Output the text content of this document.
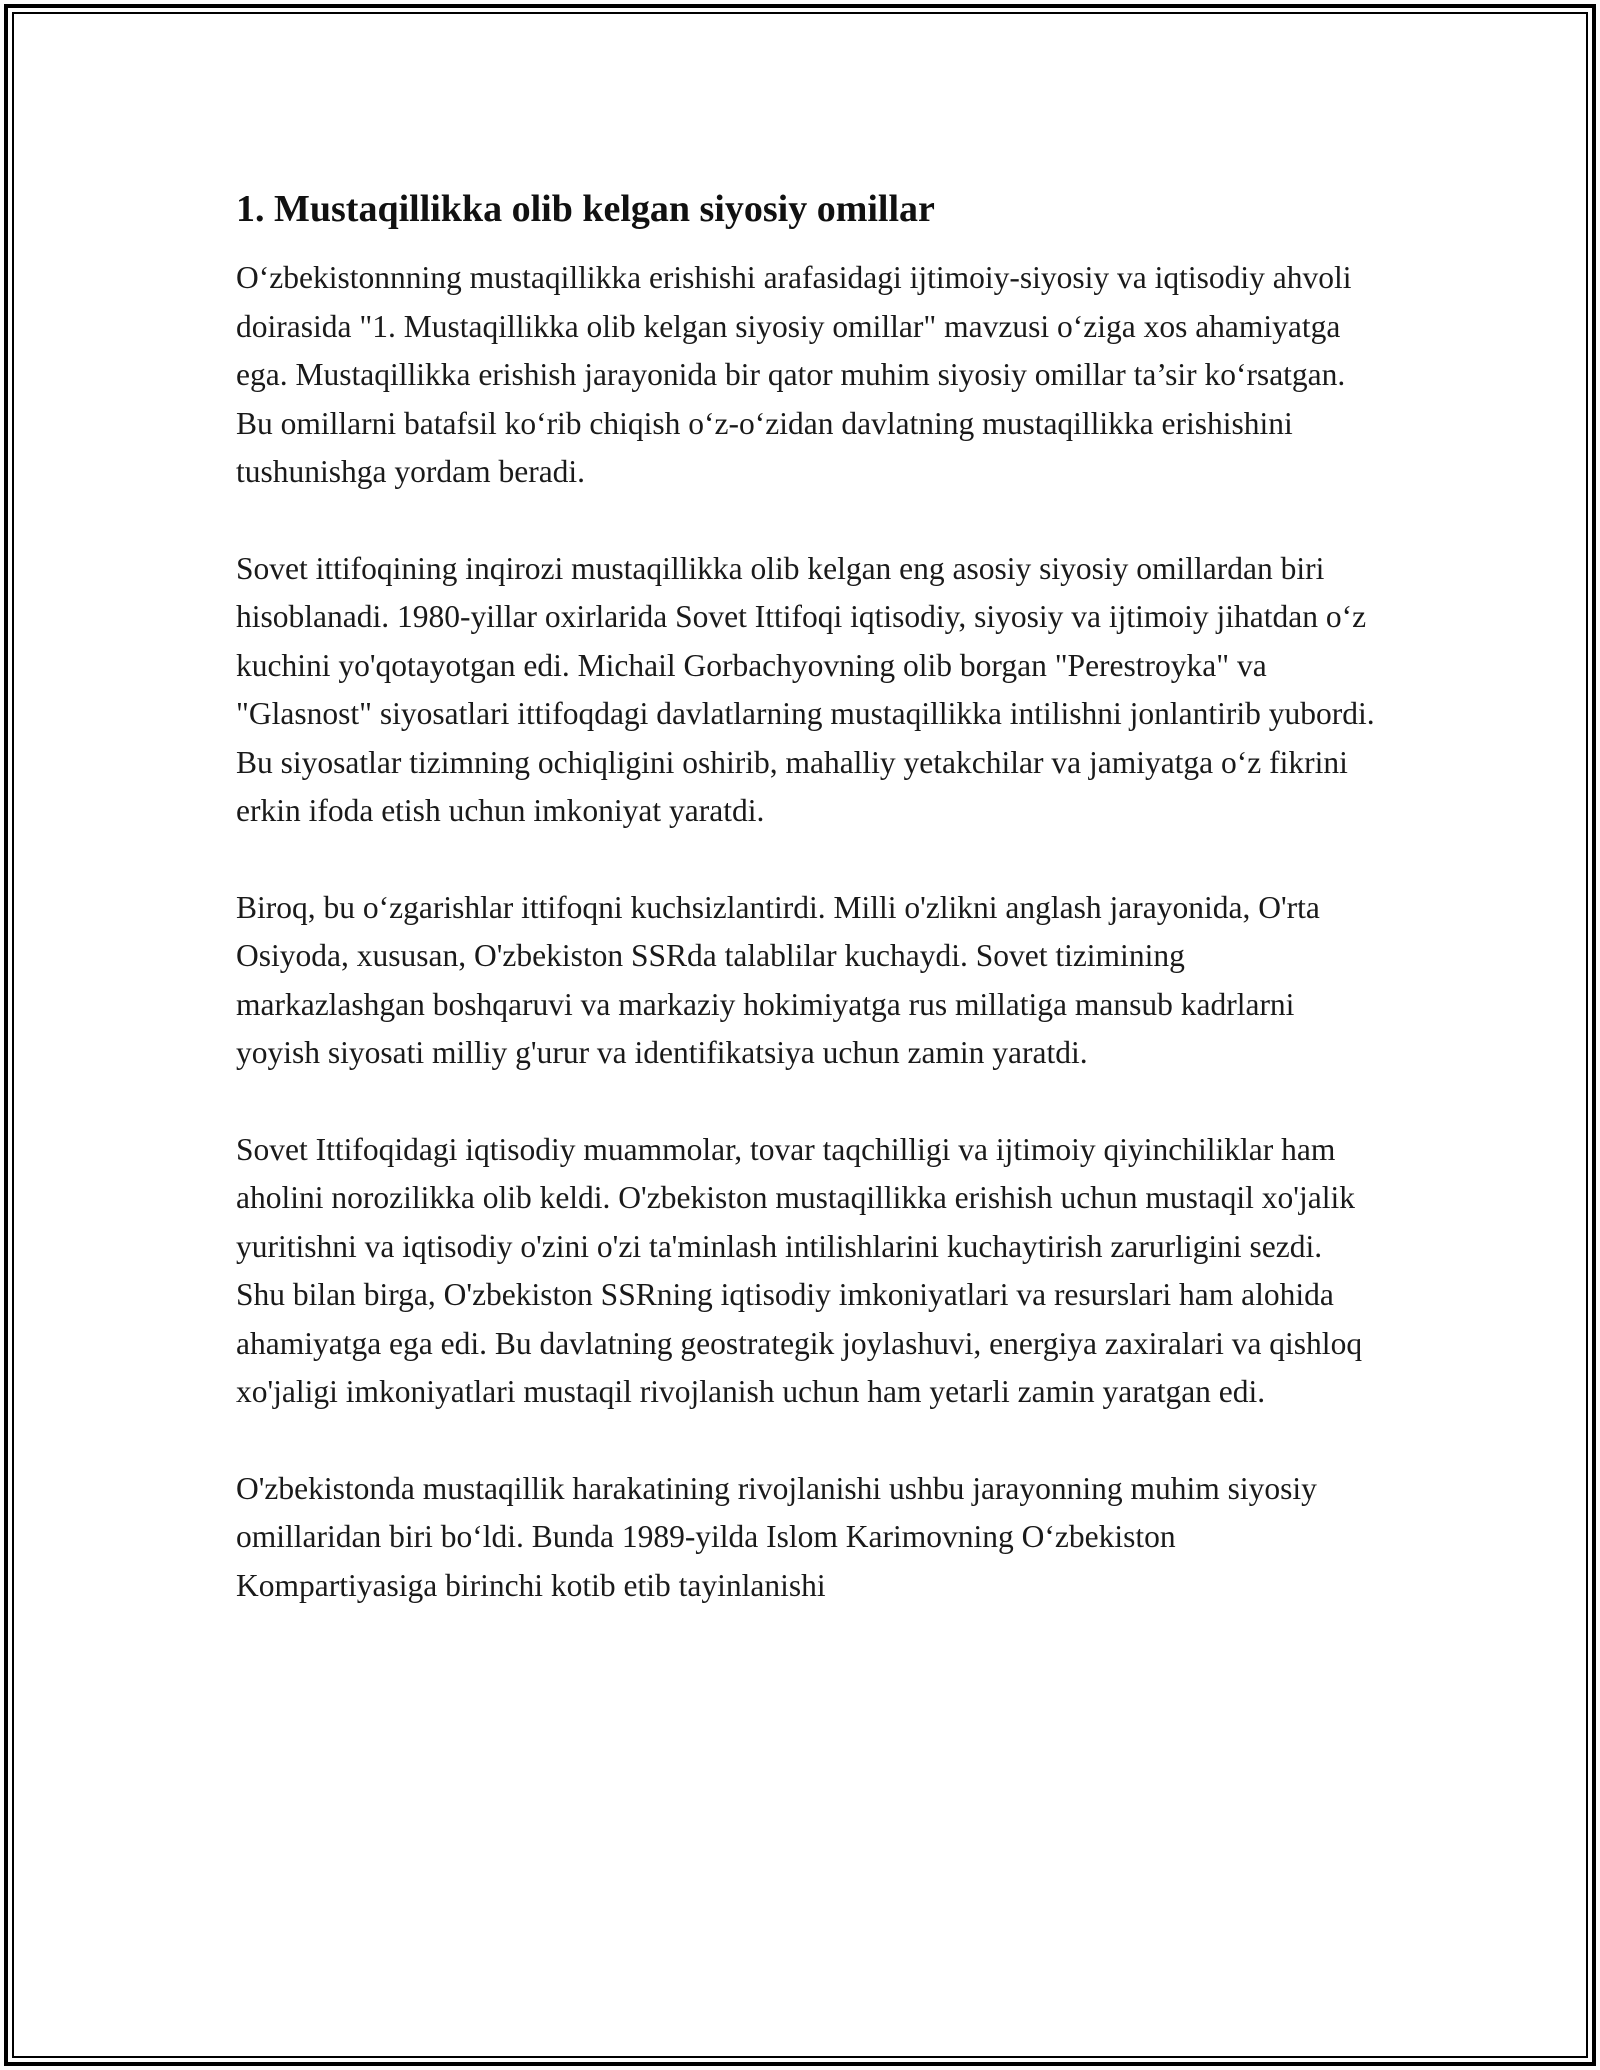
1. Mustaqillikka olib kelgan siyosiy omillar

O‘zbekistonnning mustaqillikka erishishi arafasidagi ijtimoiy-siyosiy va iqtisodiy ahvoli doirasida "1. Mustaqillikka olib kelgan siyosiy omillar" mavzusi o‘ziga xos ahamiyatga ega. Mustaqillikka erishish jarayonida bir qator muhim siyosiy omillar ta’sir ko‘rsatgan. Bu omillarni batafsil ko‘rib chiqish o‘z-o‘zidan davlatning mustaqillikka erishishini tushunishga yordam beradi.

Sovet ittifoqining inqirozi mustaqillikka olib kelgan eng asosiy siyosiy omillardan biri hisoblanadi. 1980-yillar oxirlarida Sovet Ittifoqi iqtisodiy, siyosiy va ijtimoiy jihatdan o‘z kuchini yo'qotayotgan edi. Michail Gorbachyovning olib borgan "Perestroyka" va "Glasnost" siyosatlari ittifoqdagi davlatlarning mustaqillikka intilishni jonlantirib yubordi. Bu siyosatlar tizimning ochiqligini oshirib, mahalliy yetakchilar va jamiyatga o‘z fikrini erkin ifoda etish uchun imkoniyat yaratdi.

Biroq, bu o‘zgarishlar ittifoqni kuchsizlantirdi. Milli o'zlikni anglash jarayonida, O'rta Osiyoda, xususan, O'zbekiston SSRda talablilar kuchaydi. Sovet tizimining markazlashgan boshqaruvi va markaziy hokimiyatga rus millatiga mansub kadrlarni yoyish siyosati milliy g'urur va identifikatsiya uchun zamin yaratdi.

Sovet Ittifoqidagi iqtisodiy muammolar, tovar taqchilligi va ijtimoiy qiyinchiliklar ham aholini norozilikka olib keldi. O'zbekiston mustaqillikka erishish uchun mustaqil xo'jalik yuritishni va iqtisodiy o'zini o'zi ta'minlash intilishlarini kuchaytirish zarurligini sezdi. Shu bilan birga, O'zbekiston SSRning iqtisodiy imkoniyatlari va resurslari ham alohida ahamiyatga ega edi. Bu davlatning geostrategik joylashuvi, energiya zaxiralari va qishloq xo'jaligi imkoniyatlari mustaqil rivojlanish uchun ham yetarli zamin yaratgan edi.

O'zbekistonda mustaqillik harakatining rivojlanishi ushbu jarayonning muhim siyosiy omillaridan biri bo‘ldi. Bunda 1989-yilda Islom Karimovning O‘zbekiston Kompartiyasiga birinchi kotib etib tayinlanishi
